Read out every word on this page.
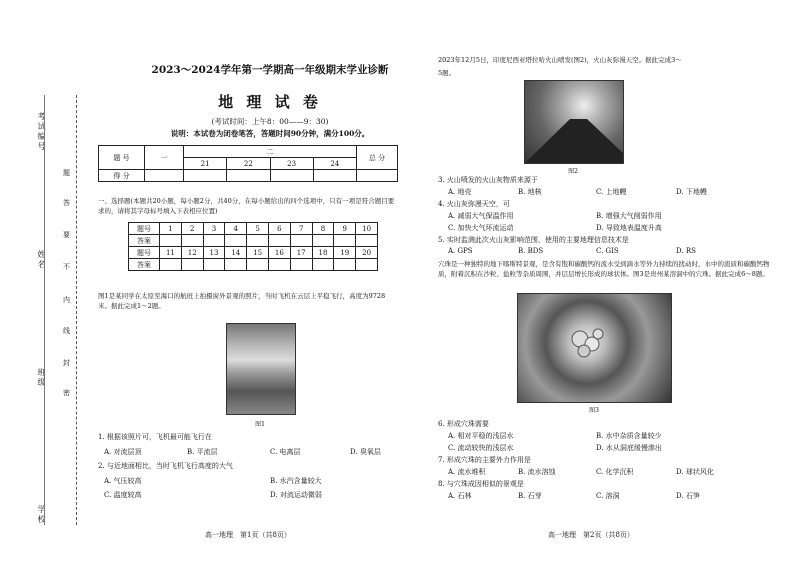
考试编号
姓名
班级
学校
题
答
要
不
内
线
封
密
2023～2024学年第一学期高一年级期末学业诊断
地 理 试 卷
(考试时间：上午8：00——9：30)
说明：本试卷为闭卷笔答，答题时间90分钟，满分100分。
题 号	一	二				总 分
		21	22	23	24	
得 分						
一、选择题(本题共20小题，每小题2分，共40分，在每小题给出的四个选项中，只有一项是符合题目要求的，请将其字母标号填入下表相应位置)
题号	1	2	3	4	5	6	7	8	9	10
答案										
题号	11	12	13	14	15	16	17	18	19	20
答案										
图1是某同学在太原至海口的航班上拍摄窗外景观的照片，当时飞机在云层上平稳飞行，高度为9728米。据此完成1～2题。
图1
1. 根据该照片可，飞机最可能飞行在
A. 对流层顶	B. 平流层	C. 电离层	D. 臭氧层
2. 与近地面相比，当时飞机飞行高度的大气
A. 气压较高	B. 水汽含量较大
C. 温度较高	D. 对流运动微弱
高一地理　第1页（共8页）
2023年12月5日，印度尼西亚塔拉哈火山喷发(图2)，火山灰弥漫天空。据此完成3～
5题。
图2
3. 火山喷发的火山灰物质来源于
A. 地壳	B. 地核	C. 上地幔	D. 下地幔
4. 火山灰弥漫天空，可
A. 减弱大气保温作用	B. 增强大气削弱作用
C. 加快大气环流运动	D. 导致地表温度升高
5. 实时监测此次火山灰影响范围，使用的主要地理信息技术是
A. GPS	B. BDS	C. GIS	D. RS
穴珠是一种独特的地下喀斯特景观，是含有饱和碳酸钙的流水受到滴水等外力持续的扰动时，水中的流质和碳酸钙物质，附着沉积在沙粒、盐粒等杂质周围，并层层增长形成的球状体。图3是贵州某溶洞中的穴珠。据此完成6～8题。
图3
6. 形成穴珠需要
A. 相对平稳的浅层水	B. 水中杂质含量较少
C. 流动较快的浅层水	D. 水从洞底缓慢渗出
7. 形成穴珠的主要外力作用是
A. 流水堆积	B. 流水溶蚀	C. 化学沉积	D. 球状风化
8. 与穴珠成因相似的景观是
A. 石林	B. 石芽	C. 溶洞	D. 石笋
高一地理　第2页（共8页）
